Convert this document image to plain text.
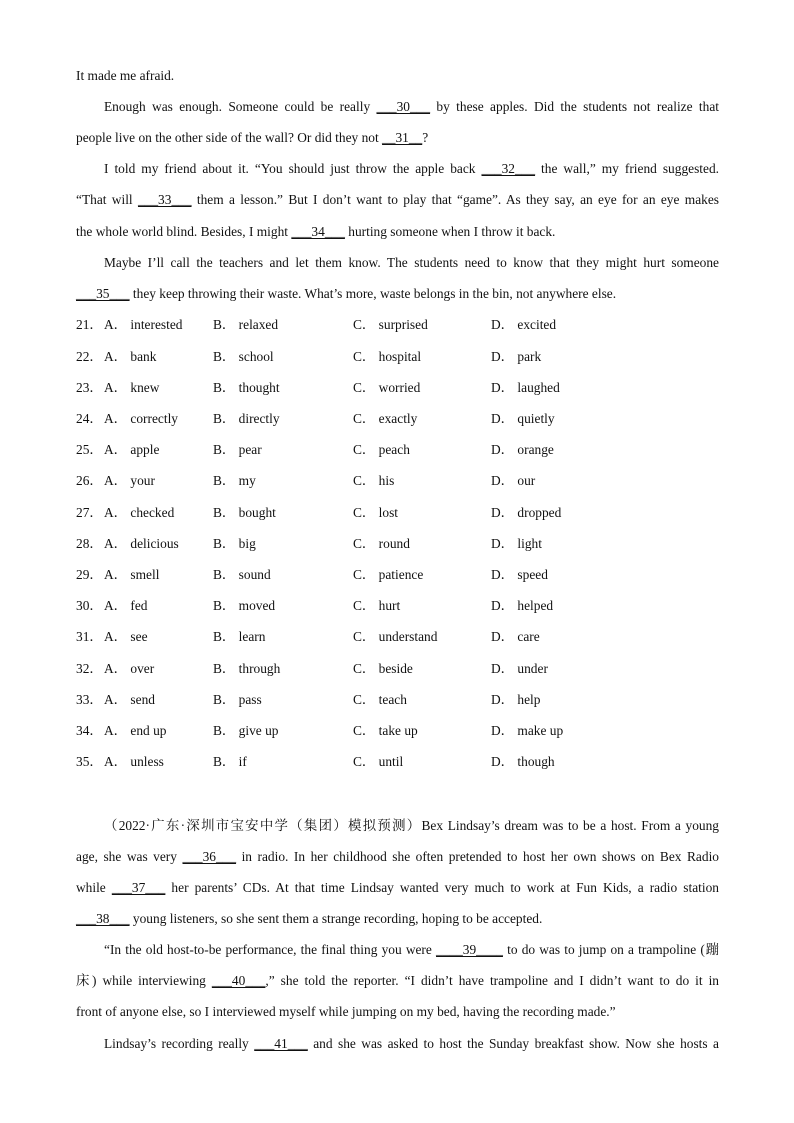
It made me afraid.
Enough was enough. Someone could be really ___30___ by these apples. Did the students not realize that
people live on the other side of the wall? Or did they not __31__?
I told my friend about it. “You should just throw the apple back ___32___ the wall,” my friend suggested.
“That will ___33___ them a lesson.” But I don’t want to play that “game”. As they say, an eye for an eye makes
the whole world blind. Besides, I might ___34___ hurting someone when I throw it back.
Maybe I’ll call the teachers and let them know. The students need to know that they might hurt someone
___35___ they keep throwing their waste. What’s more, waste belongs in the bin, not anywhere else.
21． A． interested B． relaxed	C． surprised	D． excited
22． A． bank	B． school	C． hospital	D． park
23． A． knew	B． thought	C． worried	D． laughed
24． A． correctly	B． directly	C． exactly	D． quietly
25． A． apple	B． pear	C． peach	D． orange
26． A． your	B． my	C． his	D． our
27． A． checked	B． bought	C． lost	D． dropped
28． A． delicious	B． big	C． round	D． light
29． A． smell	B． sound	C． patience	D． speed
30． A． fed	B． moved	C． hurt	D． helped
31． A． see	B． learn	C． understand	D． care
32． A． over	B． through	C． beside	D． under
33． A． send	B． pass	C． teach	D． help
34． A． end up	B． give up	C． take up	D． make up
35． A． unless	B． if	C． until	D． though
（2022·广东·深圳市宝安中学（集团）模拟预测）Bex Lindsay’s dream was to be a host. From a young
age, she was very ___36___ in radio. In her childhood she often pretended to host her own shows on Bex Radio
while ___37___ her parents’ CDs. At that time Lindsay wanted very much to work at Fun Kids, a radio station
___38___ young listeners, so she sent them a strange recording, hoping to be accepted.
“In the old host-to-be performance, the final thing you were ____39____ to do was to jump on a trampoline (蹦
床) while interviewing ___40___,” she told the reporter. “I didn’t have trampoline and I didn’t want to do it in
front of anyone else, so I interviewed myself while jumping on my bed, having the recording made.”
Lindsay’s recording really ___41___ and she was asked to host the Sunday breakfast show. Now she hosts a
